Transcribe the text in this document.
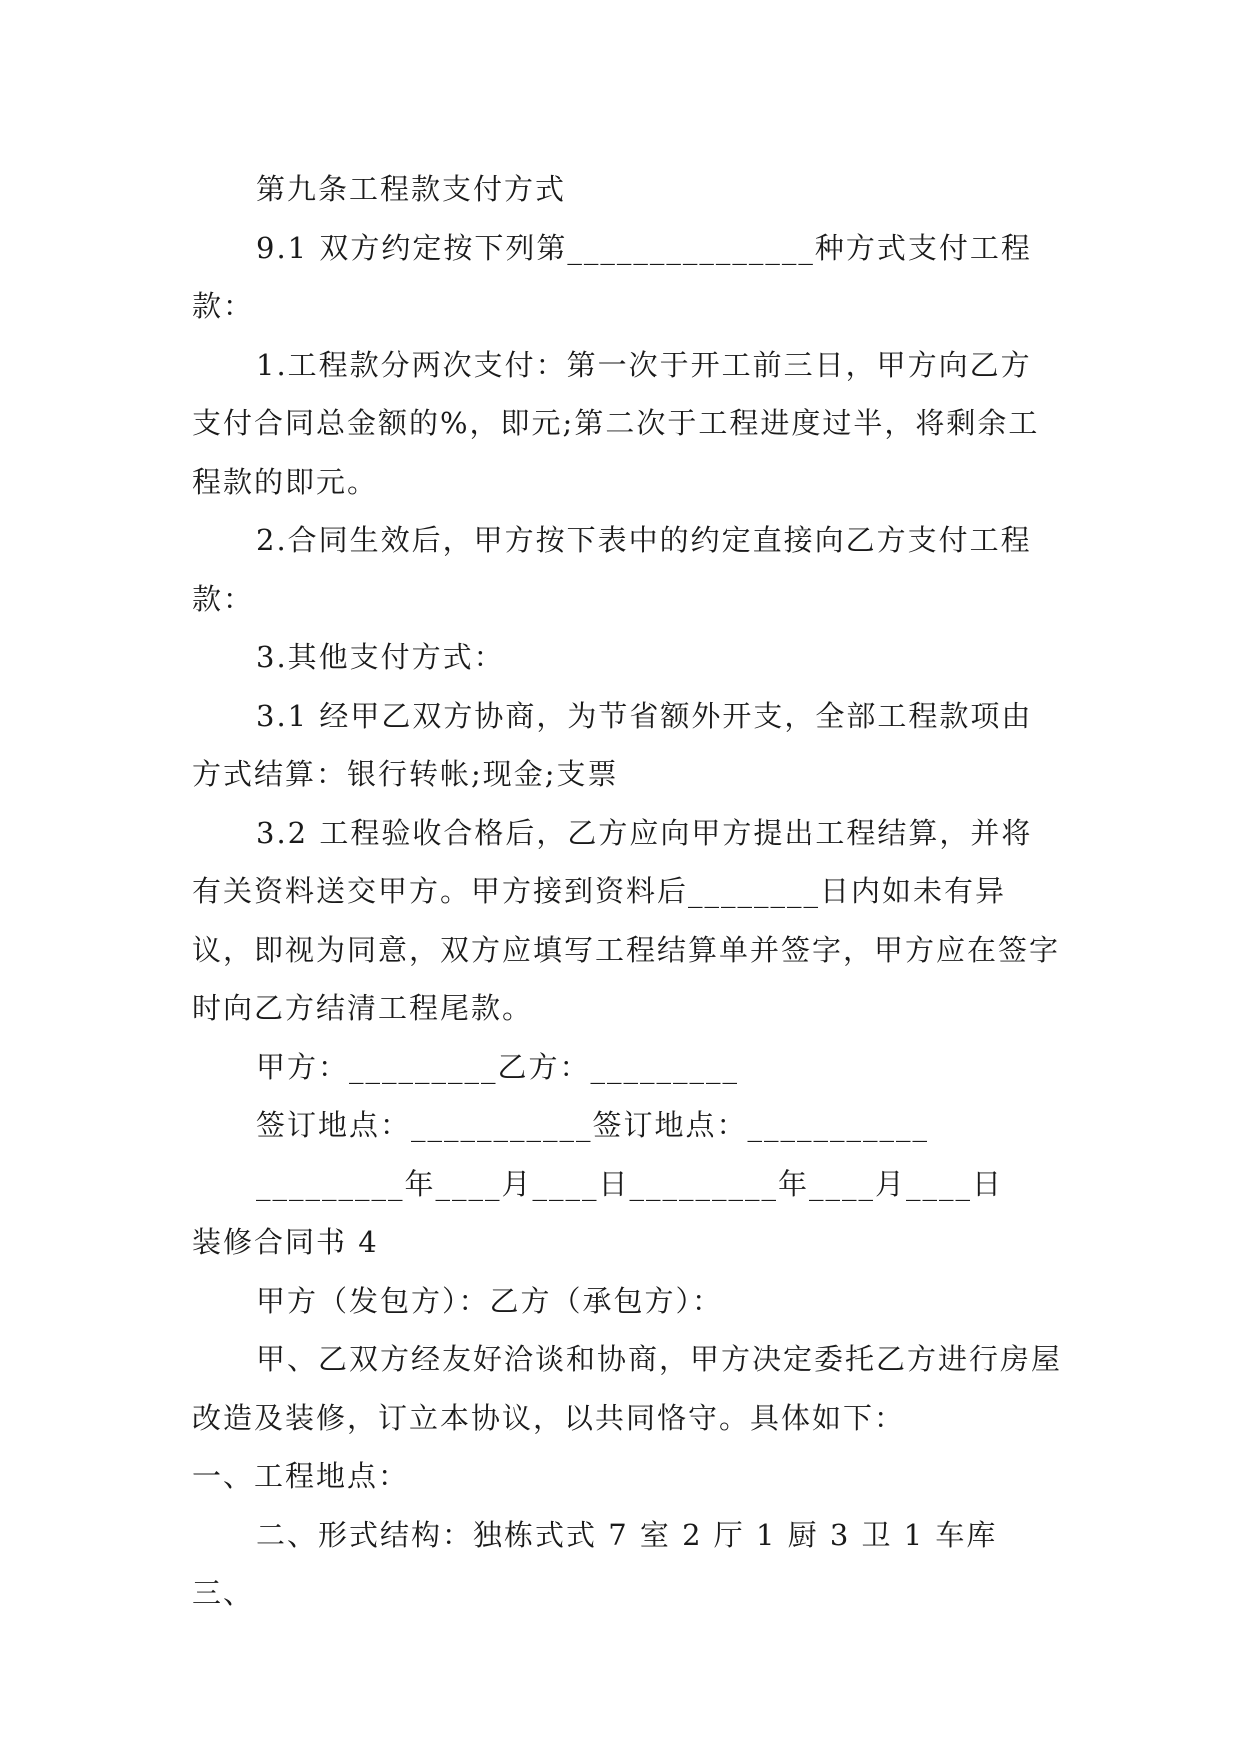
第九条工程款支付方式

9.1 双方约定按下列第_______________种方式支付工程款：

1.工程款分两次支付：第一次于开工前三日，甲方向乙方支付合同总金额的%，即元;第二次于工程进度过半，将剩余工程款的即元。

2.合同生效后，甲方按下表中的约定直接向乙方支付工程款：

3.其他支付方式：

3.1 经甲乙双方协商，为节省额外开支，全部工程款项由方式结算：银行转帐;现金;支票

3.2 工程验收合格后，乙方应向甲方提出工程结算，并将有关资料送交甲方。甲方接到资料后________日内如未有异议，即视为同意，双方应填写工程结算单并签字，甲方应在签字时向乙方结清工程尾款。

甲方：_________乙方：_________

签订地点：___________签订地点：___________

_________年____月____日_________年____月____日

装修合同书 4

甲方（发包方）：乙方（承包方）：

甲、乙双方经友好洽谈和协商，甲方决定委托乙方进行房屋改造及装修，订立本协议，以共同恪守。具体如下：

一、工程地点：

二、形式结构：独栋式式 7 室 2 厅 1 厨 3 卫 1 车库 三、
